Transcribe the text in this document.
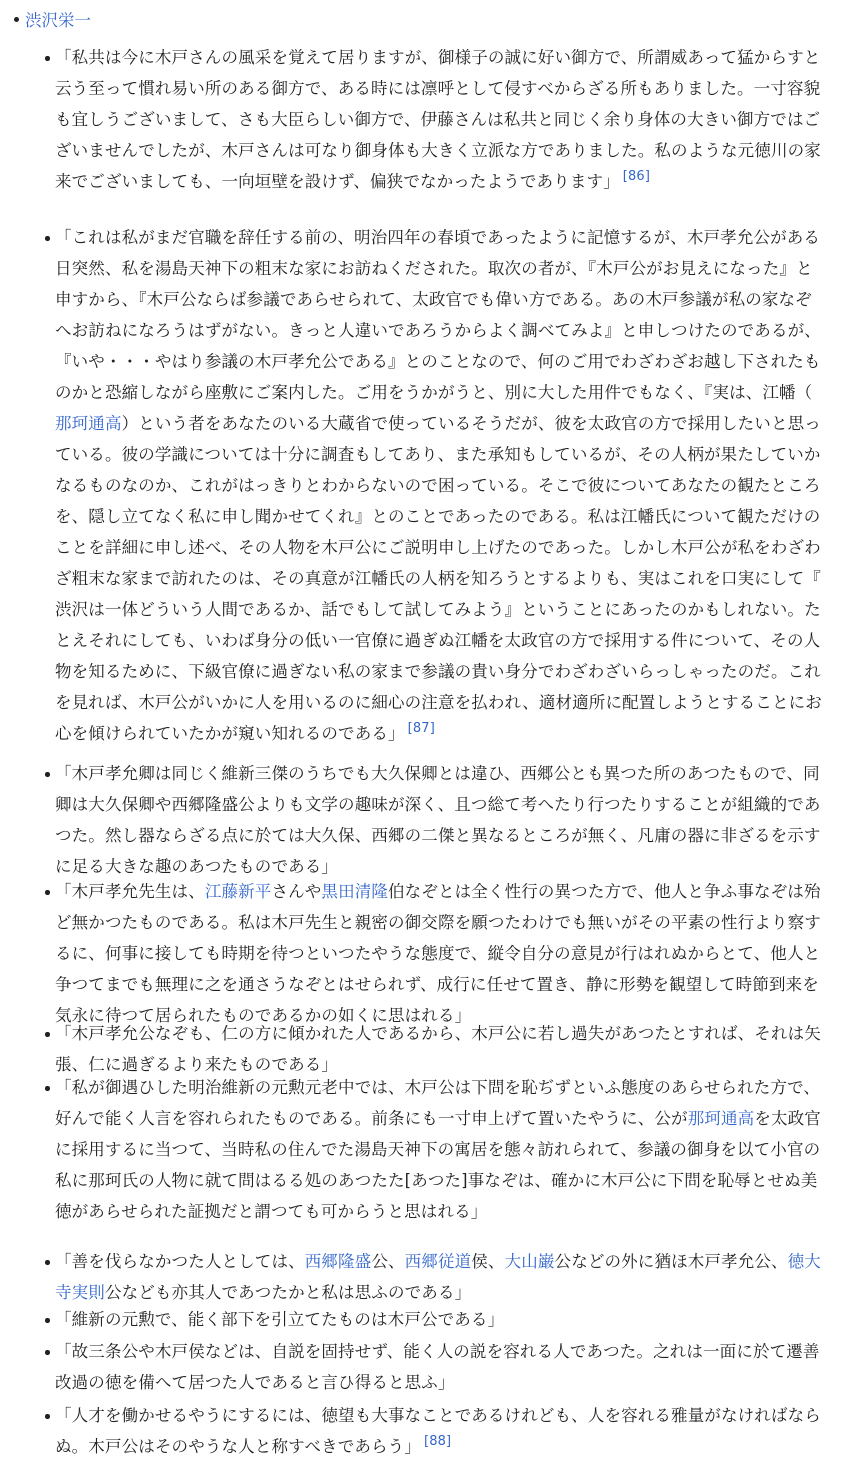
渋沢栄一
「私共は今に木戸さんの風采を覚えて居りますが、御様子の誠に好い御方で、所謂威あって猛からすと云う至って慣れ易い所のある御方で、ある時には凛呼として侵すべからざる所もありました。一寸容貌も宜しうございまして、さも大臣らしい御方で、伊藤さんは私共と同じく余り身体の大きい御方ではございませんでしたが、木戸さんは可なり御身体も大きく立派な方でありました。私のような元徳川の家来でございましても、一向垣壁を設けず、偏狭でなかったようであります」 [86]
「これは私がまだ官職を辞任する前の、明治四年の春頃であったように記憶するが、木戸孝允公がある日突然、私を湯島天神下の粗末な家にお訪ねくだされた。取次の者が、『木戸公がお見えになった』と申すから、『木戸公ならば参議であらせられて、太政官でも偉い方である。あの木戸参議が私の家なぞへお訪ねになろうはずがない。きっと人違いであろうからよく調べてみよ』と申しつけたのであるが、『いや・・・やはり参議の木戸孝允公である』とのことなので、何のご用でわざわざお越し下されたものかと恐縮しながら座敷にご案内した。ご用をうかがうと、別に大した用件でもなく、『実は、江幡（那珂通高）という者をあなたのいる大蔵省で使っているそうだが、彼を太政官の方で採用したいと思っている。彼の学識については十分に調査もしてあり、また承知もしているが、その人柄が果たしていかなるものなのか、これがはっきりとわからないので困っている。そこで彼についてあなたの観たところを、隠し立てなく私に申し聞かせてくれ』とのことであったのである。私は江幡氏について観ただけのことを詳細に申し述べ、その人物を木戸公にご説明申し上げたのであった。しかし木戸公が私をわざわざ粗末な家まで訪れたのは、その真意が江幡氏の人柄を知ろうとするよりも、実はこれを口実にして『渋沢は一体どういう人間であるか、話でもして試してみよう』ということにあったのかもしれない。たとえそれにしても、いわば身分の低い一官僚に過ぎぬ江幡を太政官の方で採用する件について、その人物を知るために、下級官僚に過ぎない私の家まで参議の貴い身分でわざわざいらっしゃったのだ。これを見れば、木戸公がいかに人を用いるのに細心の注意を払われ、適材適所に配置しようとすることにお心を傾けられていたかが窺い知れるのである」 [87]
「木戸孝允卿は同じく維新三傑のうちでも大久保卿とは違ひ、西郷公とも異つた所のあつたもので、同卿は大久保卿や西郷隆盛公よりも文学の趣味が深く、且つ総て考へたり行つたりすることが組織的であつた。然し器ならざる点に於ては大久保、西郷の二傑と異なるところが無く、凡庸の器に非ざるを示すに足る大きな趣のあつたものである」
「木戸孝允先生は、江藤新平さんや黒田清隆伯なぞとは全く性行の異つた方で、他人と争ふ事なぞは殆ど無かつたものである。私は木戸先生と親密の御交際を願つたわけでも無いがその平素の性行より察するに、何事に接しても時期を待つといつたやうな態度で、縦令自分の意見が行はれぬからとて、他人と争つてまでも無理に之を通さうなぞとはせられず、成行に任せて置き、静に形勢を観望して時節到来を気永に待つて居られたものであるかの如くに思はれる」
「木戸孝允公なぞも、仁の方に傾かれた人であるから、木戸公に若し過失があつたとすれば、それは矢張、仁に過ぎるより来たものである」
「私が御遇ひした明治維新の元勲元老中では、木戸公は下問を恥ぢずといふ態度のあらせられた方で、好んで能く人言を容れられたものである。前条にも一寸申上げて置いたやうに、公が那珂通高を太政官に採用するに当つて、当時私の住んでた湯島天神下の寓居を態々訪れられて、参議の御身を以て小官の私に那珂氏の人物に就て問はるる処のあつたた[あつた]事なぞは、確かに木戸公に下問を恥辱とせぬ美徳があらせられた証拠だと謂つても可からうと思はれる」
「善を伐らなかつた人としては、西郷隆盛公、西郷従道侯、大山巌公などの外に猶ほ木戸孝允公、徳大寺実則公なども亦其人であつたかと私は思ふのである」
「維新の元勲で、能く部下を引立てたものは木戸公である」
「故三条公や木戸侯などは、自説を固持せず、能く人の説を容れる人であつた。之れは一面に於て遷善改過の徳を備へて居つた人であると言ひ得ると思ふ」
「人才を働かせるやうにするには、徳望も大事なことであるけれども、人を容れる雅量がなければならぬ。木戸公はそのやうな人と称すべきであらう」 [88]
